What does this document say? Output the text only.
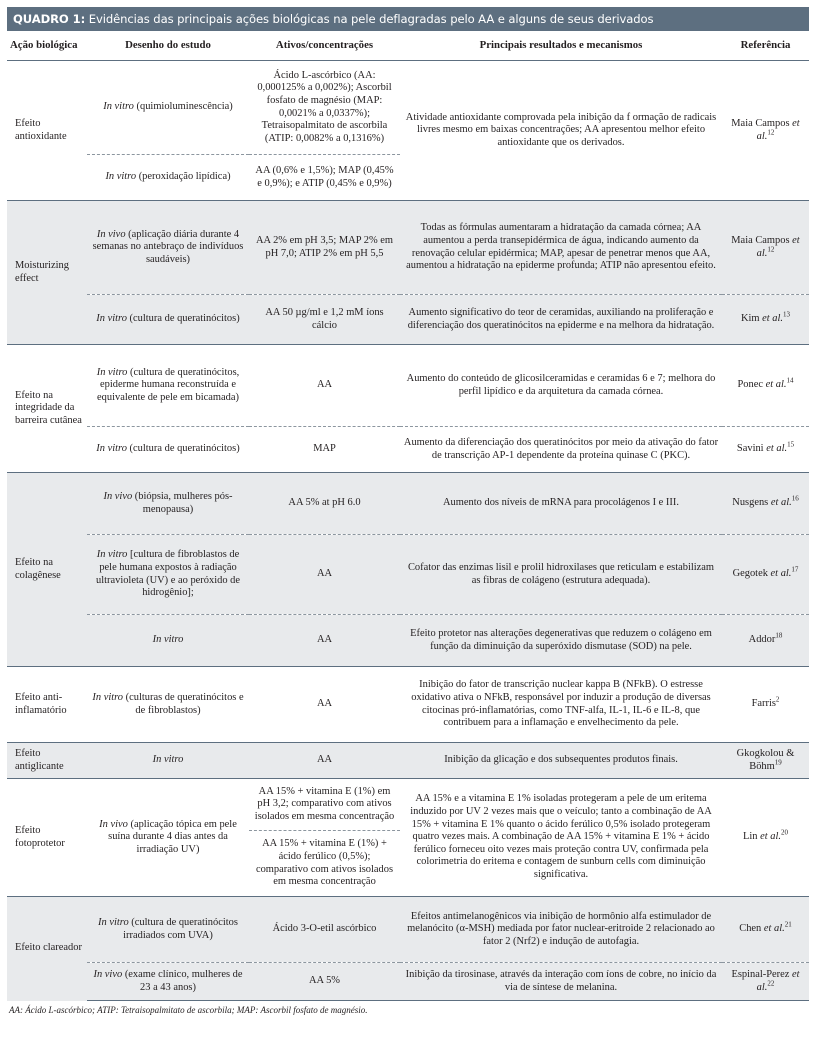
QUADRO 1: Evidências das principais ações biológicas na pele deflagradas pelo AA e alguns de seus derivados
Ação biológica	Desenho do estudo	Ativos/concentrações	Principais resultados e mecanismos	Referência
Efeito antioxidante	In vitro (quimioluminescência)	Ácido L-ascórbico (AA: 0,000125% a 0,002%); Ascorbil fosfato de magnésio (MAP: 0,0021% a 0,0337%); Tetraisopalmitato de ascorbila (ATIP: 0,0082% a 0,1316%)	Atividade antioxidante comprovada pela inibição da f ormação de radicais livres mesmo em baixas concentrações; AA apresentou melhor efeito antioxidante que os derivados.	Maia Campos et al.$^{12}$
	In vitro (peroxidação lipídica)	AA (0,6% e 1,5%); MAP (0,45% e 0,9%); e ATIP (0,45% e 0,9%)		
Moisturizing effect	In vivo (aplicação diária durante 4 semanas no antebraço de indivíduos saudáveis)	AA 2% em pH 3,5; MAP 2% em pH 7,0; ATIP 2% em pH 5,5	Todas as fórmulas aumentaram a hidratação da camada córnea; AA aumentou a perda transepidérmica de água, indicando aumento da renovação celular epidérmica; MAP, apesar de penetrar menos que AA, aumentou a hidratação na epiderme profunda; ATIP não apresentou efeito.	Maia Campos et al.$^{12}$
	In vitro (cultura de queratinócitos)	AA 50 µg/ml e 1,2 mM íons cálcio	Aumento significativo do teor de ceramidas, auxiliando na proliferação e diferenciação dos queratinócitos na epiderme e na melhora da hidratação.	Kim et al.$^{13}$
Efeito na integridade da barreira cutânea	In vitro (cultura de queratinócitos, epiderme humana reconstruída e equivalente de pele em bicamada)	AA	Aumento do conteúdo de glicosilceramidas e ceramidas 6 e 7; melhora do perfil lipídico e da arquitetura da camada córnea.	Ponec et al.$^{14}$
	In vitro (cultura de queratinócitos)	MAP	Aumento da diferenciação dos queratinócitos por meio da ativação do fator de transcrição AP-1 dependente da proteína quinase C (PKC).	Savini et al.$^{15}$
Efeito na colagênese	In vivo (biópsia, mulheres pós-menopausa)	AA 5% at pH 6.0	Aumento dos níveis de mRNA para procolágenos I e III.	Nusgens et al.$^{16}$
	In vitro [cultura de fibroblastos de pele humana expostos à radiação ultravioleta (UV) e ao peróxido de hidrogênio];	AA	Cofator das enzimas lisil e prolil hidroxilases que reticulam e estabilizam as fibras de colágeno (estrutura adequada).	Gegotek et al.$^{17}$
	In vitro	AA	Efeito protetor nas alterações degenerativas que reduzem o colágeno em função da diminuição da superóxido dismutase (SOD) na pele.	Addor$^{18}$
Efeito anti-inflamatório	In vitro (culturas de queratinócitos e de fibroblastos)	AA	Inibição do fator de transcrição nuclear kappa B (NFkB). O estresse oxidativo ativa o NFkB, responsável por induzir a produção de diversas citocinas pró-inflamatórias, como TNF-alfa, IL-1, IL-6 e IL-8, que contribuem para a inflamação e envelhecimento da pele.	Farris$^2$
Efeito antiglicante	In vitro	AA	Inibição da glicação e dos subsequentes produtos finais.	Gkogkolou & Böhm$^{19}$
Efeito fotoprotetor	In vivo (aplicação tópica em pele suína durante 4 dias antes da irradiação UV)	AA 15% + vitamina E (1%) em pH 3,2; comparativo com ativos isolados em mesma concentração	AA 15% e a vitamina E 1% isoladas protegeram a pele de um eritema induzido por UV 2 vezes mais que o veículo; tanto a combinação de AA 15% + vitamina E 1% quanto o ácido ferúlico 0,5% isolado protegeram quatro vezes mais. A combinação de AA 15% + vitamina E 1% + ácido ferúlico forneceu oito vezes mais proteção contra UV, confirmada pela colorimetria do eritema e contagem de sunburn cells com diminuição significativa.	Lin et al.$^{20}$
		AA 15% + vitamina E (1%) + ácido ferúlico (0,5%); comparativo com ativos isolados em mesma concentração		
Efeito clareador	In vitro (cultura de queratinócitos irradiados com UVA)	Ácido 3-O-etil ascórbico	Efeitos antimelanogênicos via inibição de hormônio alfa estimulador de melanócito (α-MSH) mediada por fator nuclear-eritroide 2 relacionado ao fator 2 (Nrf2) e indução de autofagia.	Chen et al.$^{21}$
	In vivo (exame clínico, mulheres de 23 a 43 anos)	AA 5%	Inibição da tirosinase, através da interação com íons de cobre, no início da via de síntese de melanina.	Espinal-Perez et al.$^{22}$
AA: Ácido L-ascórbico; ATIP: Tetraisopalmitato de ascorbila; MAP: Ascorbil fosfato de magnésio.
